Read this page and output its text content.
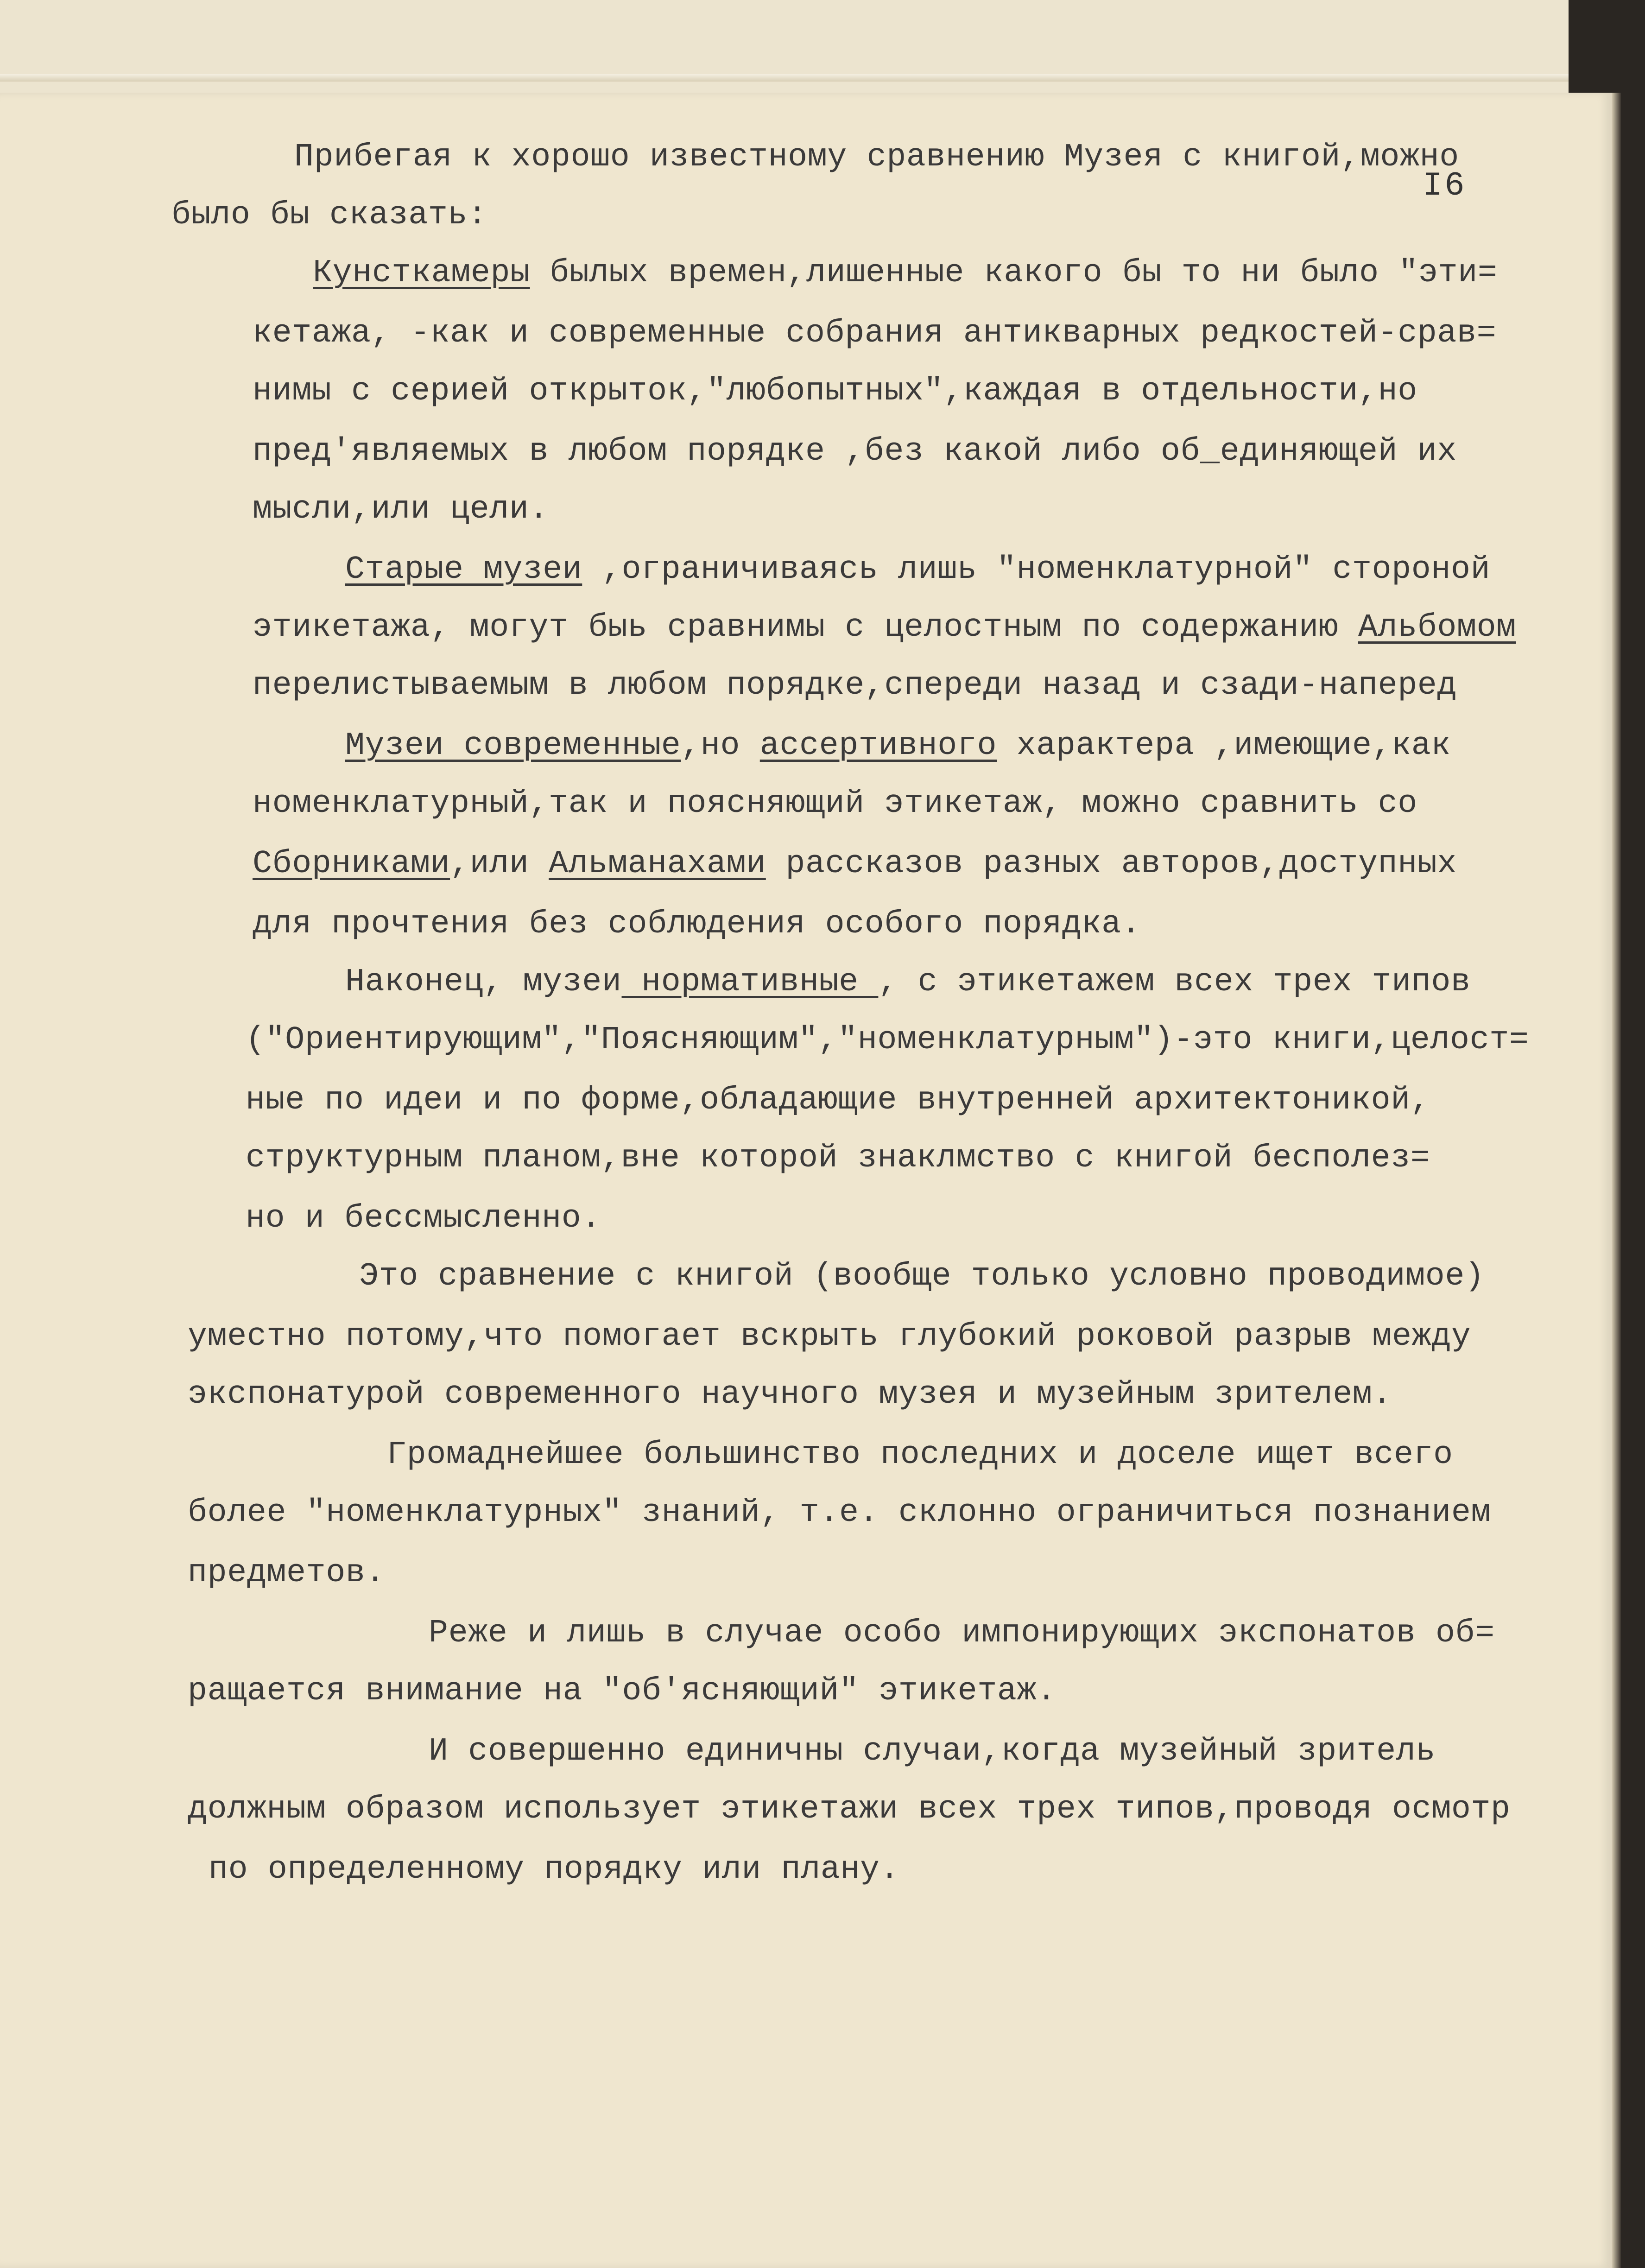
I6

Прибегая к хорошо известному сравнению Музея с книгой,можно

было бы сказать:

Кунсткамеры былых времен,лишенные какого бы то ни было "эти=

кетажа, -как и современные собрания антикварных редкостей-срав=

нимы с серией открыток,"любопытных",каждая в отдельности,но

пред'являемых в любом порядке ,без какой либо об_единяющей их

мысли,или цели.

Старые музеи ,ограничиваясь лишь "номенклатурной" стороной

этикетажа, могут быь сравнимы с целостным по содержанию Альбомом

перелистываемым в любом порядке,спереди назад и сзади-наперед

Музеи современные,но ассертивного характера ,имеющие,как

номенклатурный,так и поясняющий этикетаж, можно сравнить со

Сборниками,или Альманахами рассказов разных авторов,доступных

для прочтения без соблюдения особого порядка.

Наконец, музеи нормативные , с этикетажем всех трех типов

("Ориентирующим","Поясняющим","номенклатурным")-это книги,целост=

ные по идеи и по форме,обладающие внутренней архитектоникой,

структурным планом,вне которой знаклмство с книгой бесполез=

но и бессмысленно.

Это сравнение с книгой (вообще только условно проводимое)

уместно потому,что помогает вскрыть глубокий роковой разрыв между

экспонатурой современного научного музея и музейным зрителем.

Громаднейшее большинство последних и доселе ищет всего

более "номенклатурных" знаний, т.е. склонно ограничиться познанием

предметов.

Реже и лишь в случае особо импонирующих экспонатов об=

ращается внимание на "об'ясняющий" этикетаж.

И совершенно единичны случаи,когда музейный зритель

должным образом использует этикетажи всех трех типов,проводя осмотр

по определенному порядку или плану.
